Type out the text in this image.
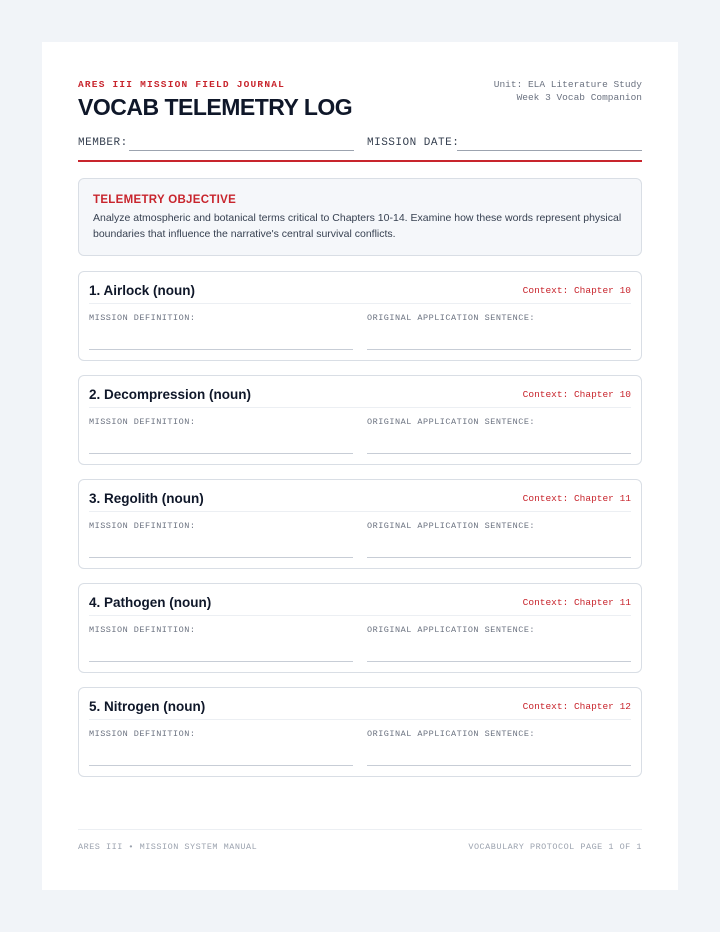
ARES III MISSION FIELD JOURNAL
VOCAB TELEMETRY LOG
Unit: ELA Literature Study
Week 3 Vocab Companion
MEMBER:	MISSION DATE:
TELEMETRY OBJECTIVE
Analyze atmospheric and botanical terms critical to Chapters 10-14. Examine how these words represent physical boundaries that influence the narrative's central survival conflicts.
1. Airlock (noun)	Context: Chapter 10
MISSION DEFINITION:	ORIGINAL APPLICATION SENTENCE:
2. Decompression (noun)	Context: Chapter 10
MISSION DEFINITION:	ORIGINAL APPLICATION SENTENCE:
3. Regolith (noun)	Context: Chapter 11
MISSION DEFINITION:	ORIGINAL APPLICATION SENTENCE:
4. Pathogen (noun)	Context: Chapter 11
MISSION DEFINITION:	ORIGINAL APPLICATION SENTENCE:
5. Nitrogen (noun)	Context: Chapter 12
MISSION DEFINITION:	ORIGINAL APPLICATION SENTENCE:
ARES III • MISSION SYSTEM MANUAL	VOCABULARY PROTOCOL PAGE 1 OF 1
